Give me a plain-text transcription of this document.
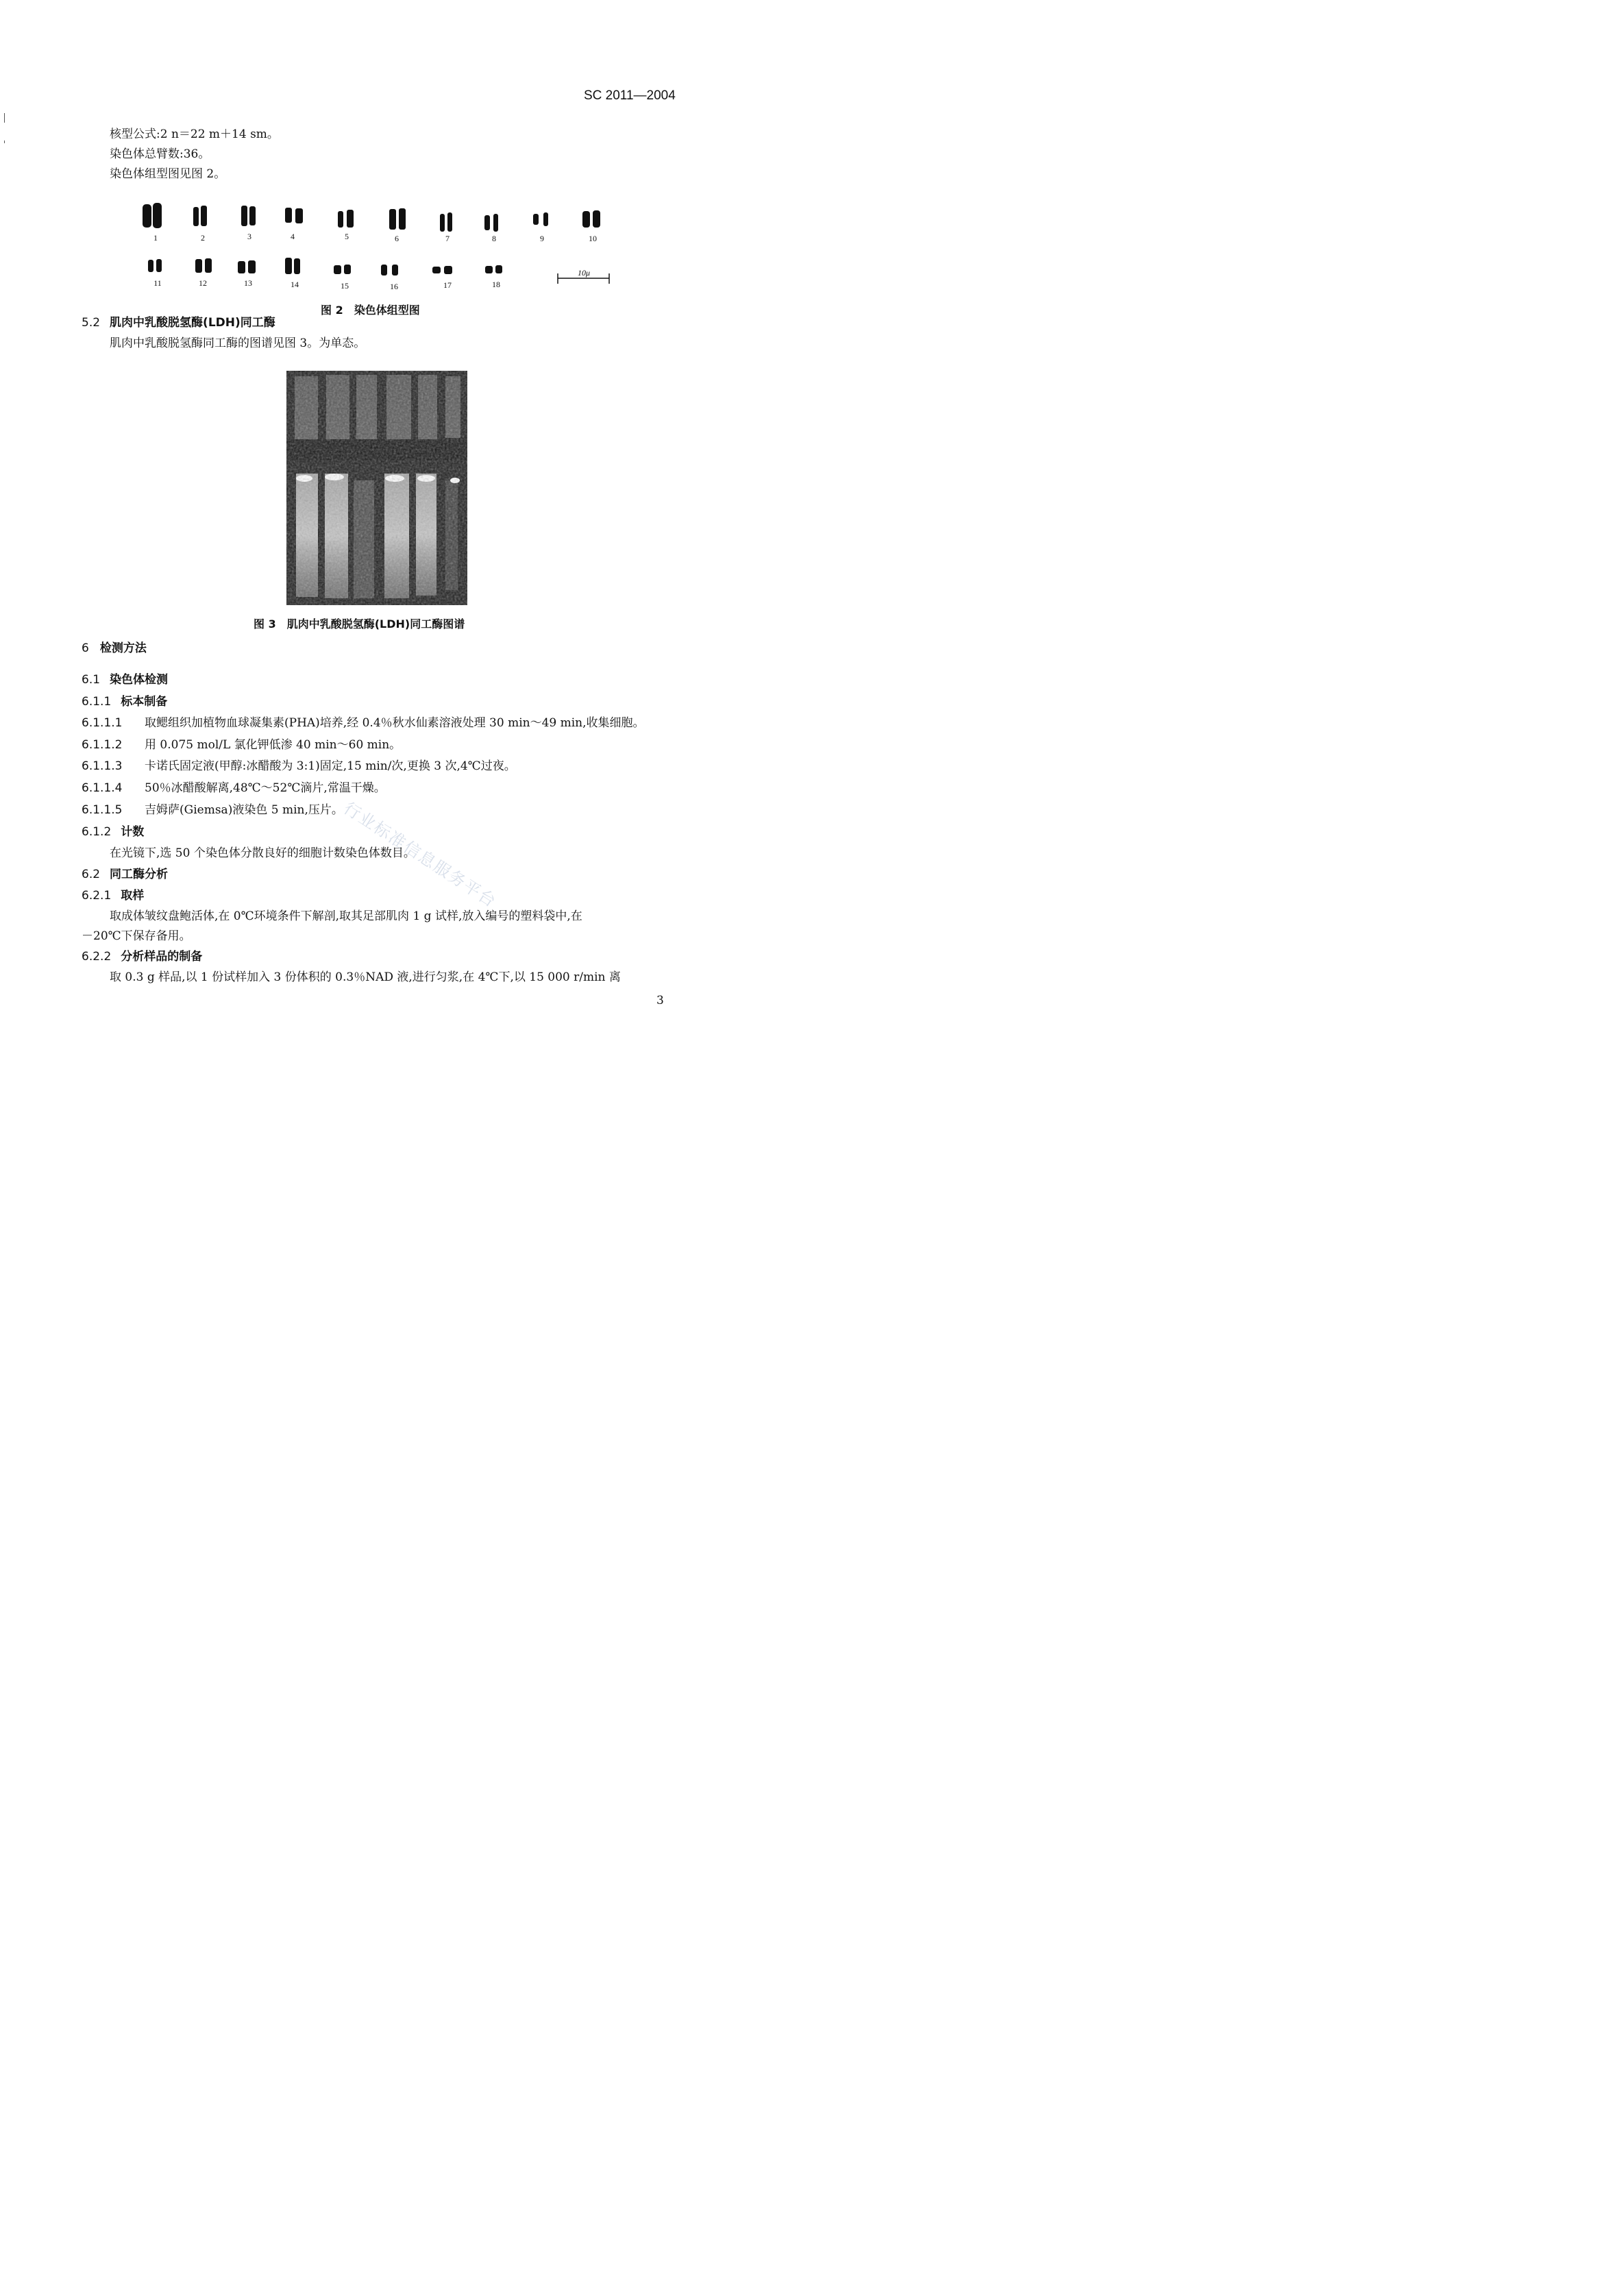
SC 2011—2004
核型公式:2 n＝22 m＋14 sm。
染色体总臂数:36。
染色体组型图见图 2。
1	2	3	4	5	6	7	8	9	10
11	12	13	14	15	16	17	18
10μ
图 2　染色体组型图
5.2 肌肉中乳酸脱氢酶(LDH)同工酶
肌肉中乳酸脱氢酶同工酶的图谱见图 3。为单态。
图 3　肌肉中乳酸脱氢酶(LDH)同工酶图谱
6 检测方法
6.1 染色体检测
6.1.1 标本制备
6.1.1.1 取鳃组织加植物血球凝集素(PHA)培养,经 0.4％秋水仙素溶液处理 30 min～49 min,收集细胞。
6.1.1.2 用 0.075 mol/L 氯化钾低渗 40 min～60 min。
6.1.1.3 卡诺氏固定液(甲醇:冰醋酸为 3:1)固定,15 min/次,更换 3 次,4℃过夜。
6.1.1.4 50％冰醋酸解离,48℃～52℃滴片,常温干燥。
6.1.1.5 吉姆萨(Giemsa)液染色 5 min,压片。
6.1.2 计数
在光镜下,选 50 个染色体分散良好的细胞计数染色体数目。
6.2 同工酶分析
6.2.1 取样
取成体皱纹盘鲍活体,在 0℃环境条件下解剖,取其足部肌肉 1 g 试样,放入编号的塑料袋中,在
－20℃下保存备用。
6.2.2 分析样品的制备
取 0.3 g 样品,以 1 份试样加入 3 份体积的 0.3％NAD 液,进行匀浆,在 4℃下,以 15 000 r/min 离
3
行业标准信息服务平台
